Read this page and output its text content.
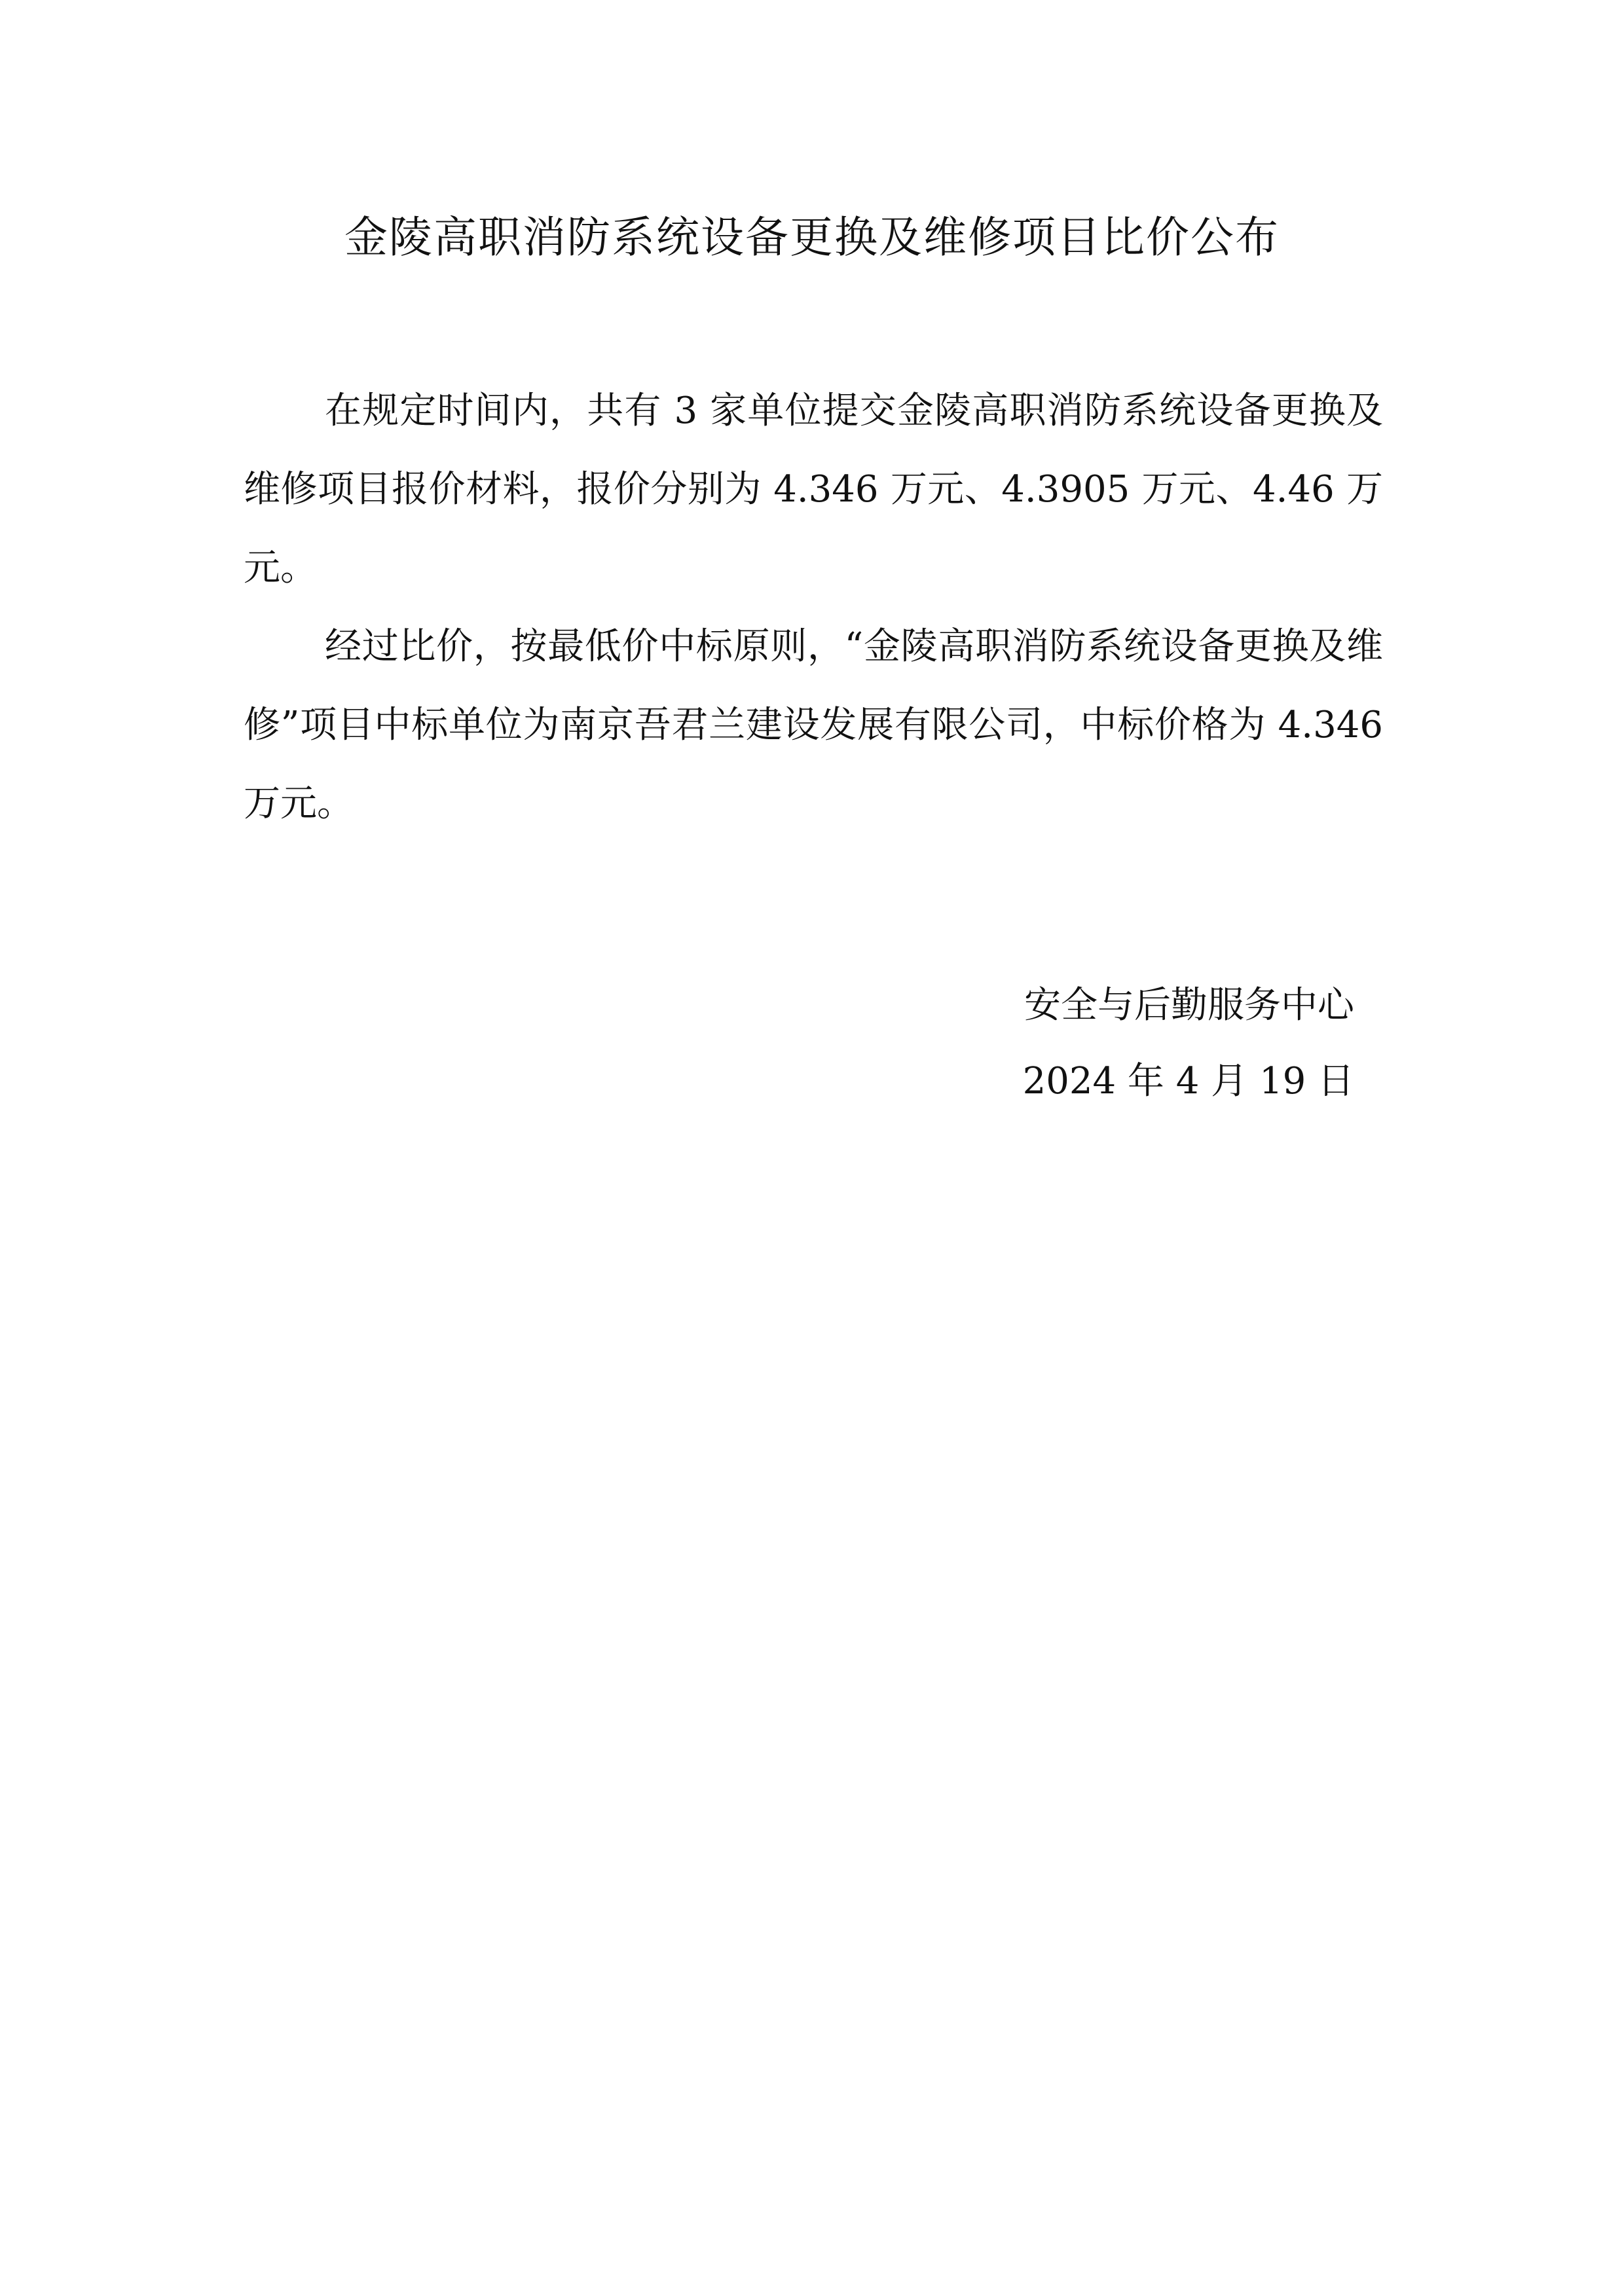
金陵高职消防系统设备更换及维修项目比价公布

在规定时间内，共有 3 家单位提交金陵高职消防系统设备更换及维修项目报价材料，报价分别为 4.346 万元、4.3905 万元、4.46 万元。

经过比价，按最低价中标原则，“金陵高职消防系统设备更换及维修”项目中标单位为南京吾君兰建设发展有限公司，中标价格为 4.346 万元。

安全与后勤服务中心
2024 年 4 月 19 日
